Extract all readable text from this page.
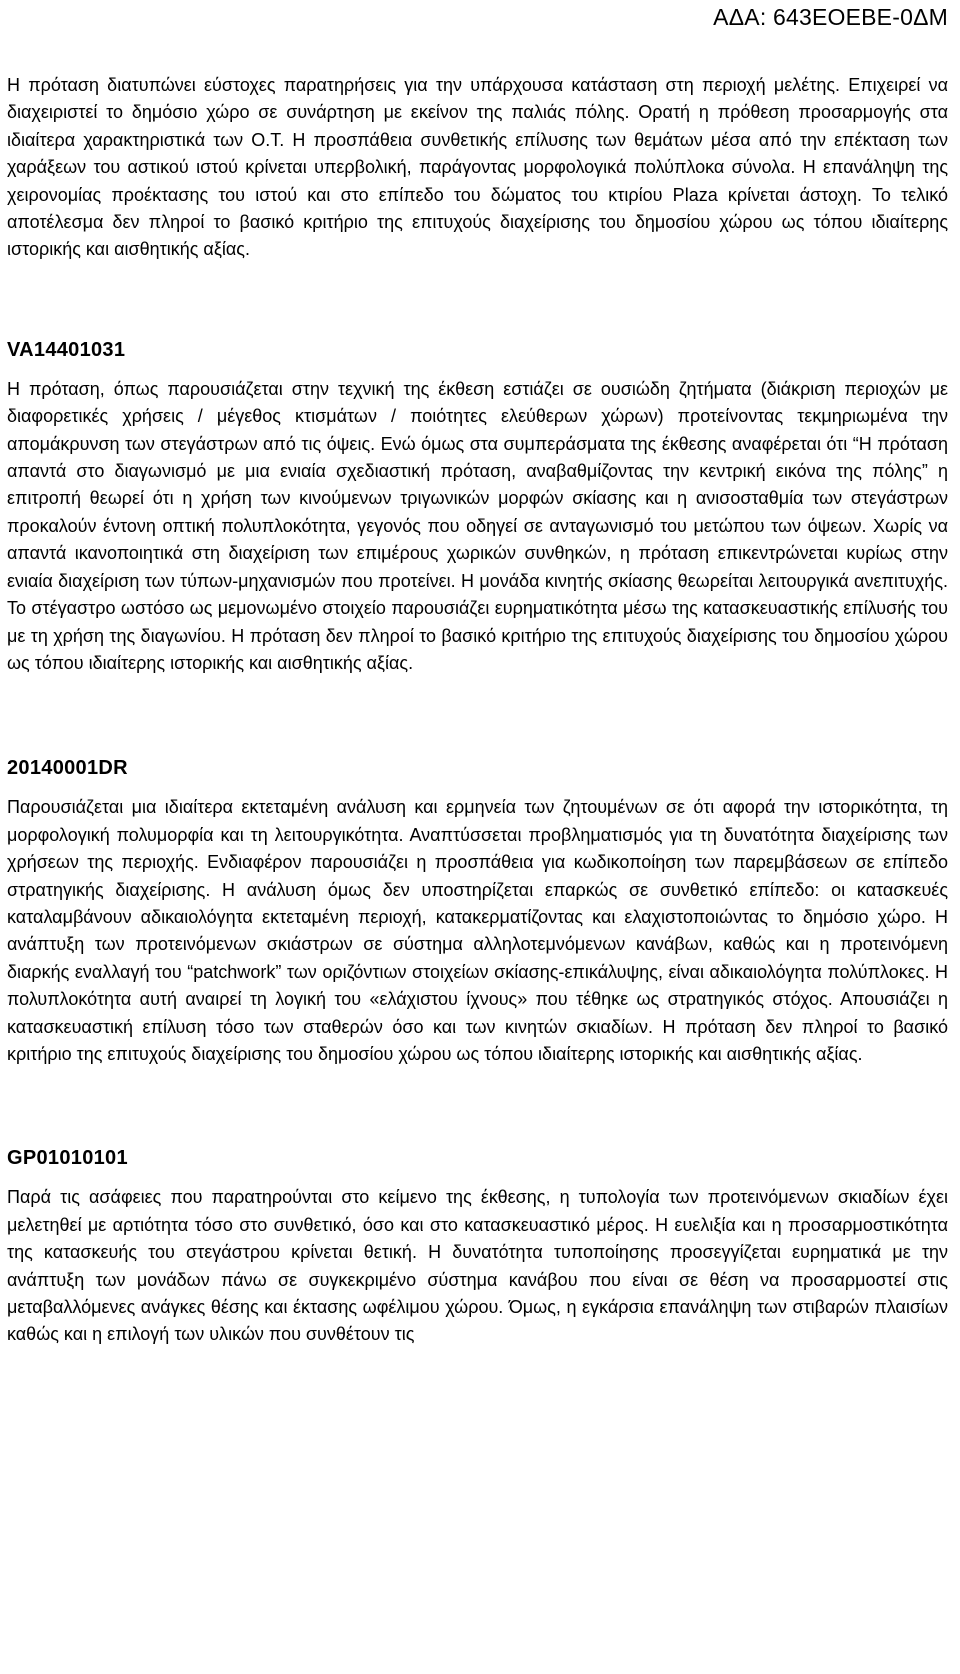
ΑΔΑ: 643ΕΟΕΒΕ-0ΔΜ

Η πρόταση διατυπώνει εύστοχες παρατηρήσεις για την υπάρχουσα κατάσταση στη περιοχή μελέτης. Επιχειρεί να διαχειριστεί το δημόσιο χώρο σε συνάρτηση με εκείνον της παλιάς πόλης. Ορατή η πρόθεση προσαρμογής στα ιδιαίτερα χαρακτηριστικά των Ο.Τ. Η προσπάθεια συνθετικής επίλυσης των θεμάτων μέσα από την επέκταση των χαράξεων του αστικού ιστού κρίνεται υπερβολική, παράγοντας μορφολογικά πολύπλοκα σύνολα. Η επανάληψη της χειρονομίας προέκτασης του ιστού και στο επίπεδο του δώματος του κτιρίου Plaza κρίνεται άστοχη. Το τελικό αποτέλεσμα δεν πληροί το βασικό κριτήριο της επιτυχούς διαχείρισης του δημοσίου χώρου ως τόπου ιδιαίτερης ιστορικής και αισθητικής αξίας.

VA14401031

Η πρόταση, όπως παρουσιάζεται στην τεχνική της έκθεση εστιάζει σε ουσιώδη ζητήματα (διάκριση περιοχών με διαφορετικές χρήσεις / μέγεθος κτισμάτων / ποιότητες ελεύθερων χώρων) προτείνοντας τεκμηριωμένα την απομάκρυνση των στεγάστρων από τις όψεις. Ενώ όμως στα συμπεράσματα της έκθεσης αναφέρεται ότι “Η πρόταση απαντά στο διαγωνισμό με μια ενιαία σχεδιαστική πρόταση, αναβαθμίζοντας την κεντρική εικόνα της πόλης” η επιτροπή θεωρεί ότι η χρήση των κινούμενων τριγωνικών μορφών σκίασης και η ανισοσταθμία των στεγάστρων προκαλούν έντονη οπτική πολυπλοκότητα, γεγονός που οδηγεί σε ανταγωνισμό του μετώπου των όψεων. Χωρίς να απαντά ικανοποιητικά στη διαχείριση των επιμέρους χωρικών συνθηκών, η πρόταση επικεντρώνεται κυρίως στην ενιαία διαχείριση των τύπων-μηχανισμών που προτείνει. Η μονάδα κινητής σκίασης θεωρείται λειτουργικά ανεπιτυχής. Το στέγαστρο ωστόσο ως μεμονωμένο στοιχείο παρουσιάζει ευρηματικότητα μέσω της κατασκευαστικής επίλυσής του με τη χρήση της διαγωνίου. Η πρόταση δεν πληροί το βασικό κριτήριο της επιτυχούς διαχείρισης του δημοσίου χώρου ως τόπου ιδιαίτερης ιστορικής και αισθητικής αξίας.

20140001DR

Παρουσιάζεται μια ιδιαίτερα εκτεταμένη ανάλυση και ερμηνεία των ζητουμένων σε ότι αφορά την ιστορικότητα, τη μορφολογική πολυμορφία και τη λειτουργικότητα. Αναπτύσσεται προβληματισμός για τη δυνατότητα διαχείρισης των χρήσεων της περιοχής. Ενδιαφέρον παρουσιάζει η προσπάθεια για κωδικοποίηση των παρεμβάσεων σε επίπεδο στρατηγικής διαχείρισης. Η ανάλυση όμως δεν υποστηρίζεται επαρκώς σε συνθετικό επίπεδο: οι κατασκευές καταλαμβάνουν αδικαιολόγητα εκτεταμένη περιοχή, κατακερματίζοντας και ελαχιστοποιώντας το δημόσιο χώρο. Η ανάπτυξη των προτεινόμενων σκιάστρων σε σύστημα αλληλοτεμνόμενων κανάβων, καθώς και η προτεινόμενη διαρκής εναλλαγή του “patchwork” των οριζόντιων στοιχείων σκίασης-επικάλυψης, είναι αδικαιολόγητα πολύπλοκες. Η πολυπλοκότητα αυτή αναιρεί τη λογική του «ελάχιστου ίχνους» που τέθηκε ως στρατηγικός στόχος. Απουσιάζει η κατασκευαστική επίλυση τόσο των σταθερών όσο και των κινητών σκιαδίων. Η πρόταση δεν πληροί το βασικό κριτήριο της επιτυχούς διαχείρισης του δημοσίου χώρου ως τόπου ιδιαίτερης ιστορικής και αισθητικής αξίας.

GP01010101

Παρά τις ασάφειες που παρατηρούνται στο κείμενο της έκθεσης, η τυπολογία των προτεινόμενων σκιαδίων έχει μελετηθεί με αρτιότητα τόσο στο συνθετικό, όσο και στο κατασκευαστικό μέρος. Η ευελιξία και η προσαρμοστικότητα της κατασκευής του στεγάστρου κρίνεται θετική. Η δυνατότητα τυποποίησης προσεγγίζεται ευρηματικά με την ανάπτυξη των μονάδων πάνω σε συγκεκριμένο σύστημα κανάβου που είναι σε θέση να προσαρμοστεί στις μεταβαλλόμενες ανάγκες θέσης και έκτασης ωφέλιμου χώρου. Όμως, η εγκάρσια επανάληψη των στιβαρών πλαισίων καθώς και η επιλογή των υλικών που συνθέτουν τις
